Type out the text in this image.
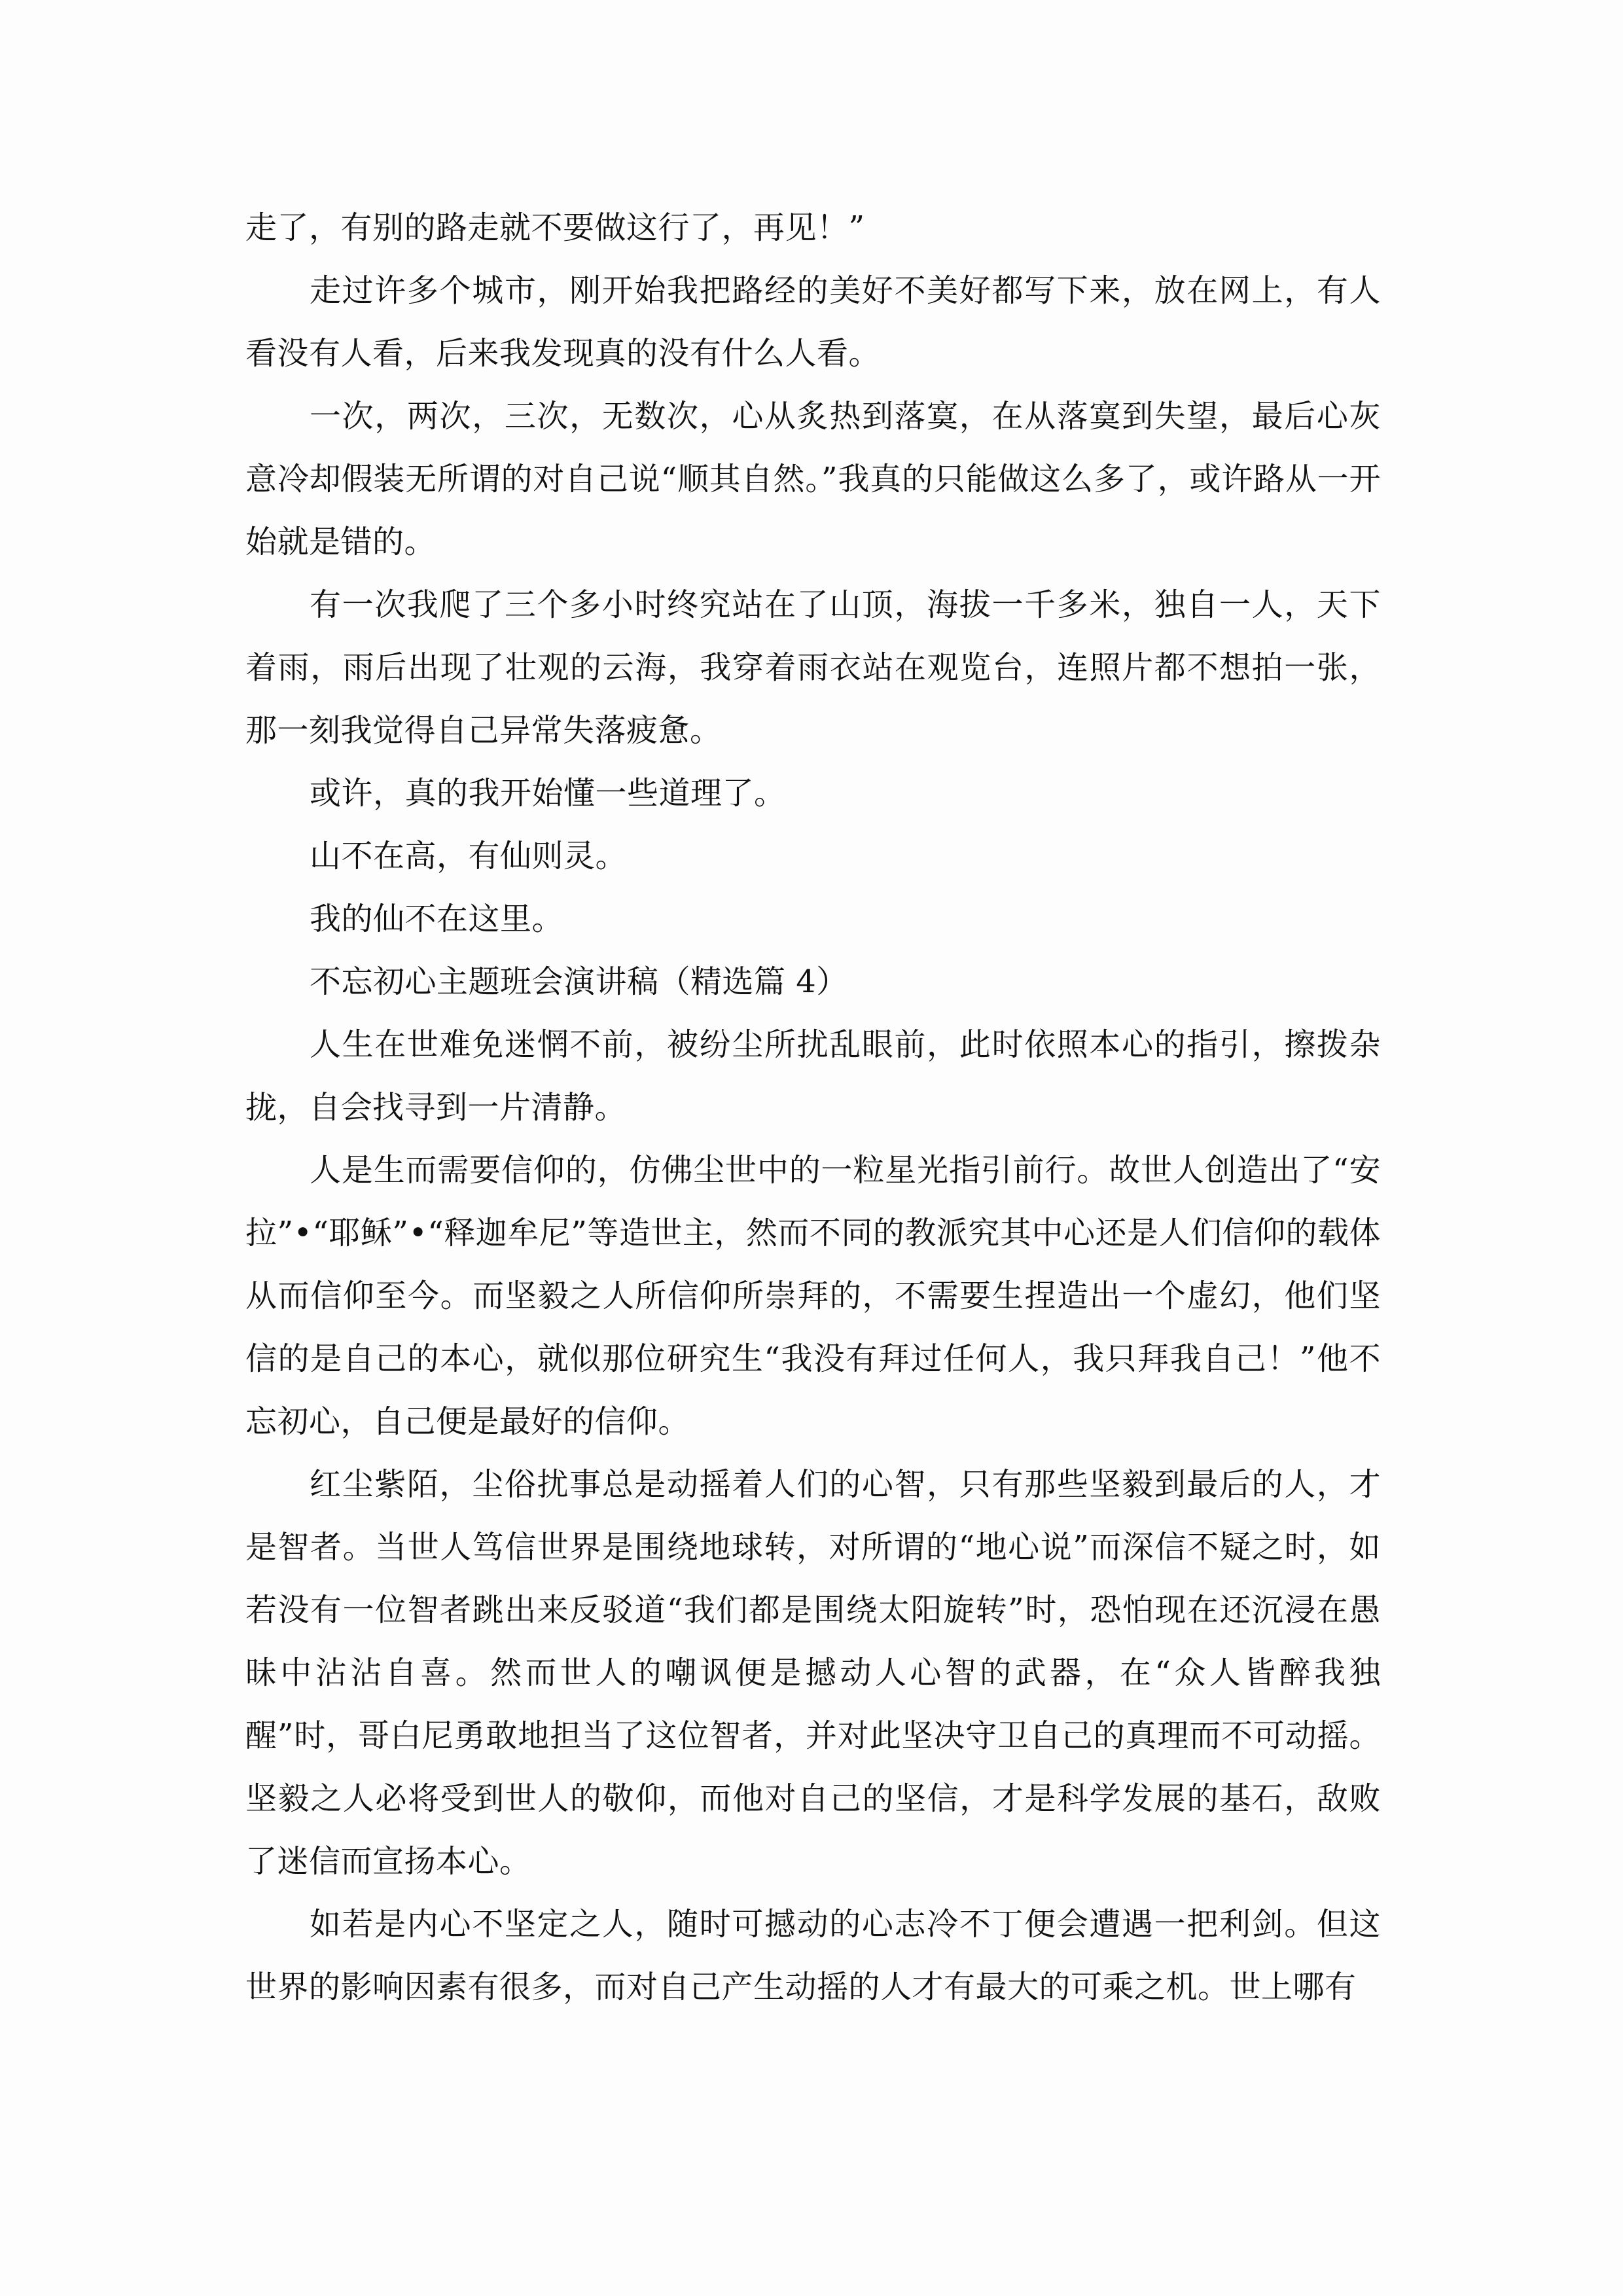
走了，有别的路走就不要做这行了，再见！”

走过许多个城市，刚开始我把路经的美好不美好都写下来，放在网上，有人看没有人看，后来我发现真的没有什么人看。

一次，两次，三次，无数次，心从炙热到落寞，在从落寞到失望，最后心灰意冷却假装无所谓的对自己说“顺其自然。”我真的只能做这么多了，或许路从一开始就是错的。

有一次我爬了三个多小时终究站在了山顶，海拔一千多米，独自一人，天下着雨，雨后出现了壮观的云海，我穿着雨衣站在观览台，连照片都不想拍一张，那一刻我觉得自己异常失落疲惫。

或许，真的我开始懂一些道理了。

山不在高，有仙则灵。

我的仙不在这里。

不忘初心主题班会演讲稿（精选篇 4）

人生在世难免迷惘不前，被纷尘所扰乱眼前，此时依照本心的指引，擦拨杂拢，自会找寻到一片清静。

人是生而需要信仰的，仿佛尘世中的一粒星光指引前行。故世人创造出了“安拉”•“耶稣”•“释迦牟尼”等造世主，然而不同的教派究其中心还是人们信仰的载体从而信仰至今。而坚毅之人所信仰所崇拜的，不需要生捏造出一个虚幻，他们坚信的是自己的本心，就似那位研究生“我没有拜过任何人，我只拜我自己！”他不忘初心，自己便是最好的信仰。

红尘紫陌，尘俗扰事总是动摇着人们的心智，只有那些坚毅到最后的人，才是智者。当世人笃信世界是围绕地球转，对所谓的“地心说”而深信不疑之时，如若没有一位智者跳出来反驳道“我们都是围绕太阳旋转”时，恐怕现在还沉浸在愚昧中沾沾自喜。然而世人的嘲讽便是撼动人心智的武器，在“众人皆醉我独醒”时，哥白尼勇敢地担当了这位智者，并对此坚决守卫自己的真理而不可动摇。坚毅之人必将受到世人的敬仰，而他对自己的坚信，才是科学发展的基石，敌败了迷信而宣扬本心。

如若是内心不坚定之人，随时可撼动的心志冷不丁便会遭遇一把利剑。但这世界的影响因素有很多，而对自己产生动摇的人才有最大的可乘之机。世上哪有
